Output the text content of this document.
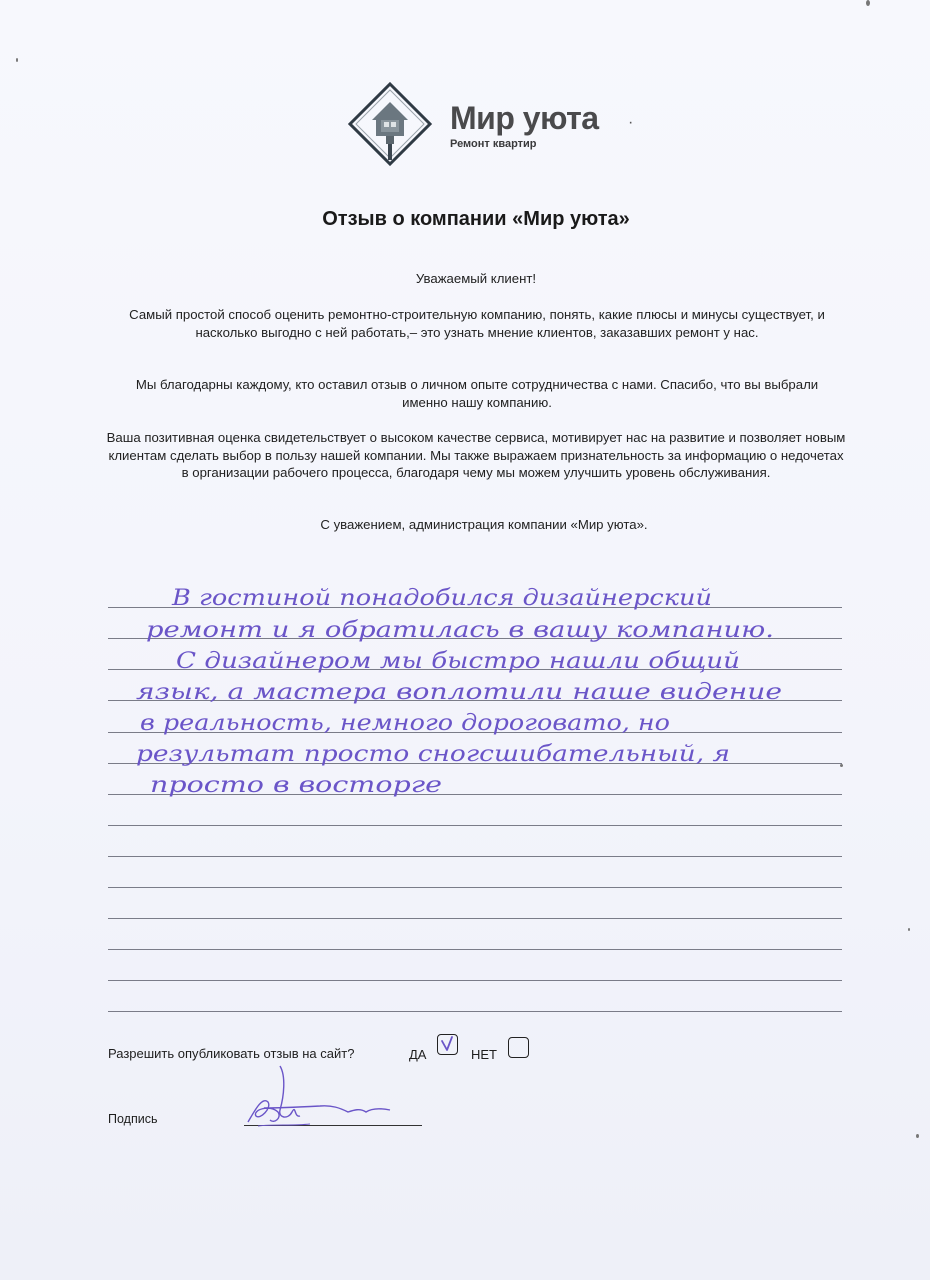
Мир уюта
Ремонт квартир
·
Отзыв о компании «Мир уюта»
Уважаемый клиент!
Самый простой способ оценить ремонтно-строительную компанию, понять, какие плюсы и минусы существует, и насколько выгодно с ней работать,– это узнать мнение клиентов, заказавших ремонт у нас.
Мы благодарны каждому, кто оставил отзыв о личном опыте сотрудничества с нами. Спасибо, что вы выбрали именно нашу компанию.
Ваша позитивная оценка свидетельствует о высоком качестве сервиса, мотивирует нас на развитие и позволяет новым клиентам сделать выбор в пользу нашей компании. Мы также выражаем признательность за информацию о недочетах в организации рабочего процесса, благодаря чему мы можем улучшить уровень обслуживания.
С уважением, администрация компании «Мир уюта».
В гостиной понадобился дизайнерский
ремонт и я обратилась в вашу компанию.
С дизайнером мы быстро нашли общий
язык, а мастера воплотили наше видение
в реальность, немного дороговато, но
результат просто сногсшибательный, я
просто в восторге
Разрешить опубликовать отзыв на сайт?	ДА	НЕТ
Подпись
